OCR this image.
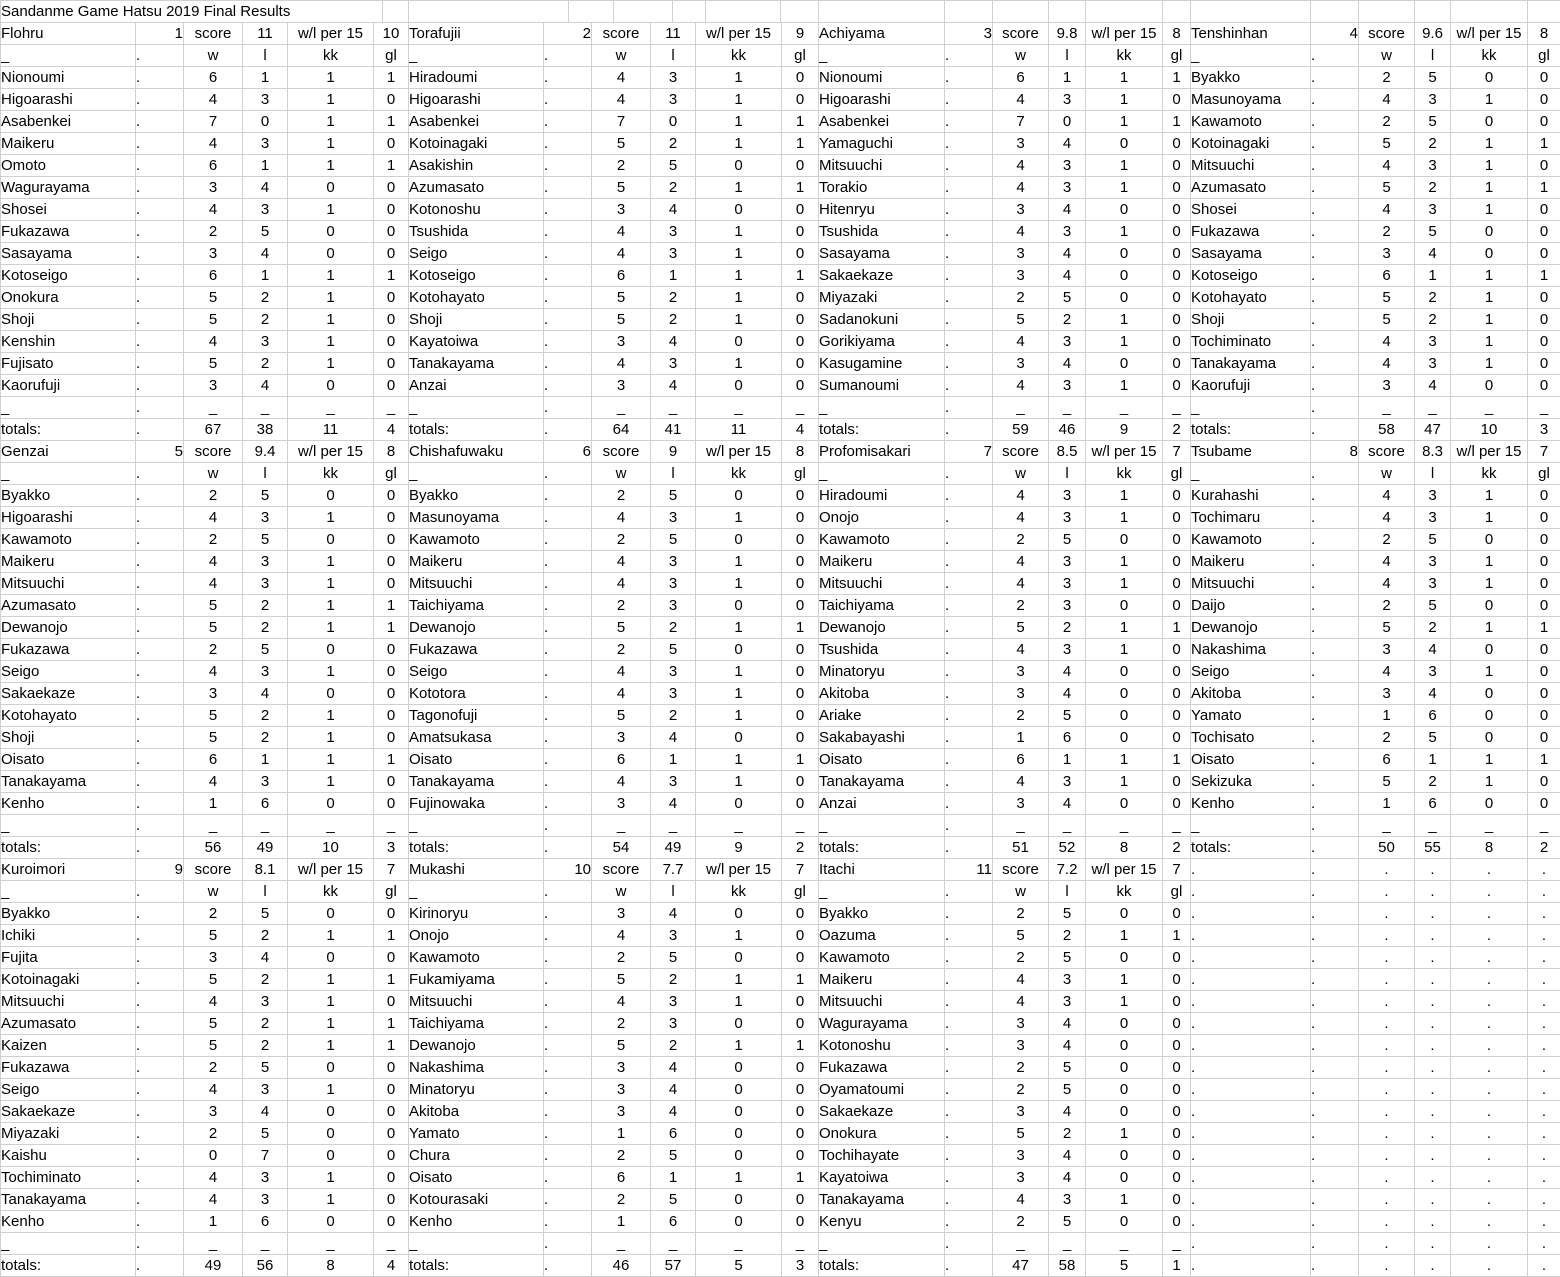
Sandanme Game Hatsu 2019 Final Results																			
Flohru	1	score	11	w/l per 15	10
_	.	w	l	kk	gl
Nionoumi	.	6	1	1	1
Higoarashi	.	4	3	1	0
Asabenkei	.	7	0	1	1
Maikeru	.	4	3	1	0
Omoto	.	6	1	1	1
Wagurayama	.	3	4	0	0
Shosei	.	4	3	1	0
Fukazawa	.	2	5	0	0
Sasayama	.	3	4	0	0
Kotoseigo	.	6	1	1	1
Onokura	.	5	2	1	0
Shoji	.	5	2	1	0
Kenshin	.	4	3	1	0
Fujisato	.	5	2	1	0
Kaorufuji	.	3	4	0	0
_	.	_	_	_	_
totals:	.	67	38	11	4
Torafujii	2	score	11	w/l per 15	9
_	.	w	l	kk	gl
Hiradoumi	.	4	3	1	0
Higoarashi	.	4	3	1	0
Asabenkei	.	7	0	1	1
Kotoinagaki	.	5	2	1	1
Asakishin	.	2	5	0	0
Azumasato	.	5	2	1	1
Kotonoshu	.	3	4	0	0
Tsushida	.	4	3	1	0
Seigo	.	4	3	1	0
Kotoseigo	.	6	1	1	1
Kotohayato	.	5	2	1	0
Shoji	.	5	2	1	0
Kayatoiwa	.	3	4	0	0
Tanakayama	.	4	3	1	0
Anzai	.	3	4	0	0
_	.	_	_	_	_
totals:	.	64	41	11	4
Achiyama	3	score	9.8	w/l per 15	8
_	.	w	l	kk	gl
Nionoumi	.	6	1	1	1
Higoarashi	.	4	3	1	0
Asabenkei	.	7	0	1	1
Yamaguchi	.	3	4	0	0
Mitsuuchi	.	4	3	1	0
Torakio	.	4	3	1	0
Hitenryu	.	3	4	0	0
Tsushida	.	4	3	1	0
Sasayama	.	3	4	0	0
Sakaekaze	.	3	4	0	0
Miyazaki	.	2	5	0	0
Sadanokuni	.	5	2	1	0
Gorikiyama	.	4	3	1	0
Kasugamine	.	3	4	0	0
Sumanoumi	.	4	3	1	0
_	.	_	_	_	_
totals:	.	59	46	9	2
Tenshinhan	4	score	9.6	w/l per 15	8
_	.	w	l	kk	gl
Byakko	.	2	5	0	0
Masunoyama	.	4	3	1	0
Kawamoto	.	2	5	0	0
Kotoinagaki	.	5	2	1	1
Mitsuuchi	.	4	3	1	0
Azumasato	.	5	2	1	1
Shosei	.	4	3	1	0
Fukazawa	.	2	5	0	0
Sasayama	.	3	4	0	0
Kotoseigo	.	6	1	1	1
Kotohayato	.	5	2	1	0
Shoji	.	5	2	1	0
Tochiminato	.	4	3	1	0
Tanakayama	.	4	3	1	0
Kaorufuji	.	3	4	0	0
_	.	_	_	_	_
totals:	.	58	47	10	3
Genzai	5	score	9.4	w/l per 15	8
_	.	w	l	kk	gl
Byakko	.	2	5	0	0
Higoarashi	.	4	3	1	0
Kawamoto	.	2	5	0	0
Maikeru	.	4	3	1	0
Mitsuuchi	.	4	3	1	0
Azumasato	.	5	2	1	1
Dewanojo	.	5	2	1	1
Fukazawa	.	2	5	0	0
Seigo	.	4	3	1	0
Sakaekaze	.	3	4	0	0
Kotohayato	.	5	2	1	0
Shoji	.	5	2	1	0
Oisato	.	6	1	1	1
Tanakayama	.	4	3	1	0
Kenho	.	1	6	0	0
_	.	_	_	_	_
totals:	.	56	49	10	3
Chishafuwaku	6	score	9	w/l per 15	8
_	.	w	l	kk	gl
Byakko	.	2	5	0	0
Masunoyama	.	4	3	1	0
Kawamoto	.	2	5	0	0
Maikeru	.	4	3	1	0
Mitsuuchi	.	4	3	1	0
Taichiyama	.	2	3	0	0
Dewanojo	.	5	2	1	1
Fukazawa	.	2	5	0	0
Seigo	.	4	3	1	0
Kototora	.	4	3	1	0
Tagonofuji	.	5	2	1	0
Amatsukasa	.	3	4	0	0
Oisato	.	6	1	1	1
Tanakayama	.	4	3	1	0
Fujinowaka	.	3	4	0	0
_	.	_	_	_	_
totals:	.	54	49	9	2
Profomisakari	7	score	8.5	w/l per 15	7
_	.	w	l	kk	gl
Hiradoumi	.	4	3	1	0
Onojo	.	4	3	1	0
Kawamoto	.	2	5	0	0
Maikeru	.	4	3	1	0
Mitsuuchi	.	4	3	1	0
Taichiyama	.	2	3	0	0
Dewanojo	.	5	2	1	1
Tsushida	.	4	3	1	0
Minatoryu	.	3	4	0	0
Akitoba	.	3	4	0	0
Ariake	.	2	5	0	0
Sakabayashi	.	1	6	0	0
Oisato	.	6	1	1	1
Tanakayama	.	4	3	1	0
Anzai	.	3	4	0	0
_	.	_	_	_	_
totals:	.	51	52	8	2
Tsubame	8	score	8.3	w/l per 15	7
_	.	w	l	kk	gl
Kurahashi	.	4	3	1	0
Tochimaru	.	4	3	1	0
Kawamoto	.	2	5	0	0
Maikeru	.	4	3	1	0
Mitsuuchi	.	4	3	1	0
Daijo	.	2	5	0	0
Dewanojo	.	5	2	1	1
Nakashima	.	3	4	0	0
Seigo	.	4	3	1	0
Akitoba	.	3	4	0	0
Yamato	.	1	6	0	0
Tochisato	.	2	5	0	0
Oisato	.	6	1	1	1
Sekizuka	.	5	2	1	0
Kenho	.	1	6	0	0
_	.	_	_	_	_
totals:	.	50	55	8	2
Kuroimori	9	score	8.1	w/l per 15	7
_	.	w	l	kk	gl
Byakko	.	2	5	0	0
Ichiki	.	5	2	1	1
Fujita	.	3	4	0	0
Kotoinagaki	.	5	2	1	1
Mitsuuchi	.	4	3	1	0
Azumasato	.	5	2	1	1
Kaizen	.	5	2	1	1
Fukazawa	.	2	5	0	0
Seigo	.	4	3	1	0
Sakaekaze	.	3	4	0	0
Miyazaki	.	2	5	0	0
Kaishu	.	0	7	0	0
Tochiminato	.	4	3	1	0
Tanakayama	.	4	3	1	0
Kenho	.	1	6	0	0
_	.	_	_	_	_
totals:	.	49	56	8	4
Mukashi	10	score	7.7	w/l per 15	7
_	.	w	l	kk	gl
Kirinoryu	.	3	4	0	0
Onojo	.	4	3	1	0
Kawamoto	.	2	5	0	0
Fukamiyama	.	5	2	1	1
Mitsuuchi	.	4	3	1	0
Taichiyama	.	2	3	0	0
Dewanojo	.	5	2	1	1
Nakashima	.	3	4	0	0
Minatoryu	.	3	4	0	0
Akitoba	.	3	4	0	0
Yamato	.	1	6	0	0
Chura	.	2	5	0	0
Oisato	.	6	1	1	1
Kotourasaki	.	2	5	0	0
Kenho	.	1	6	0	0
_	.	_	_	_	_
totals:	.	46	57	5	3
Itachi	11	score	7.2	w/l per 15	7
_	.	w	l	kk	gl
Byakko	.	2	5	0	0
Oazuma	.	5	2	1	1
Kawamoto	.	2	5	0	0
Maikeru	.	4	3	1	0
Mitsuuchi	.	4	3	1	0
Wagurayama	.	3	4	0	0
Kotonoshu	.	3	4	0	0
Fukazawa	.	2	5	0	0
Oyamatoumi	.	2	5	0	0
Sakaekaze	.	3	4	0	0
Onokura	.	5	2	1	0
Tochihayate	.	3	4	0	0
Kayatoiwa	.	3	4	0	0
Tanakayama	.	4	3	1	0
Kenyu	.	2	5	0	0
_	.	_	_	_	_
totals:	.	47	58	5	1
.	.	.	.	.	.
.	.	.	.	.	.
.	.	.	.	.	.
.	.	.	.	.	.
.	.	.	.	.	.
.	.	.	.	.	.
.	.	.	.	.	.
.	.	.	.	.	.
.	.	.	.	.	.
.	.	.	.	.	.
.	.	.	.	.	.
.	.	.	.	.	.
.	.	.	.	.	.
.	.	.	.	.	.
.	.	.	.	.	.
.	.	.	.	.	.
.	.	.	.	.	.
.	.	.	.	.	.
.	.	.	.	.	.
